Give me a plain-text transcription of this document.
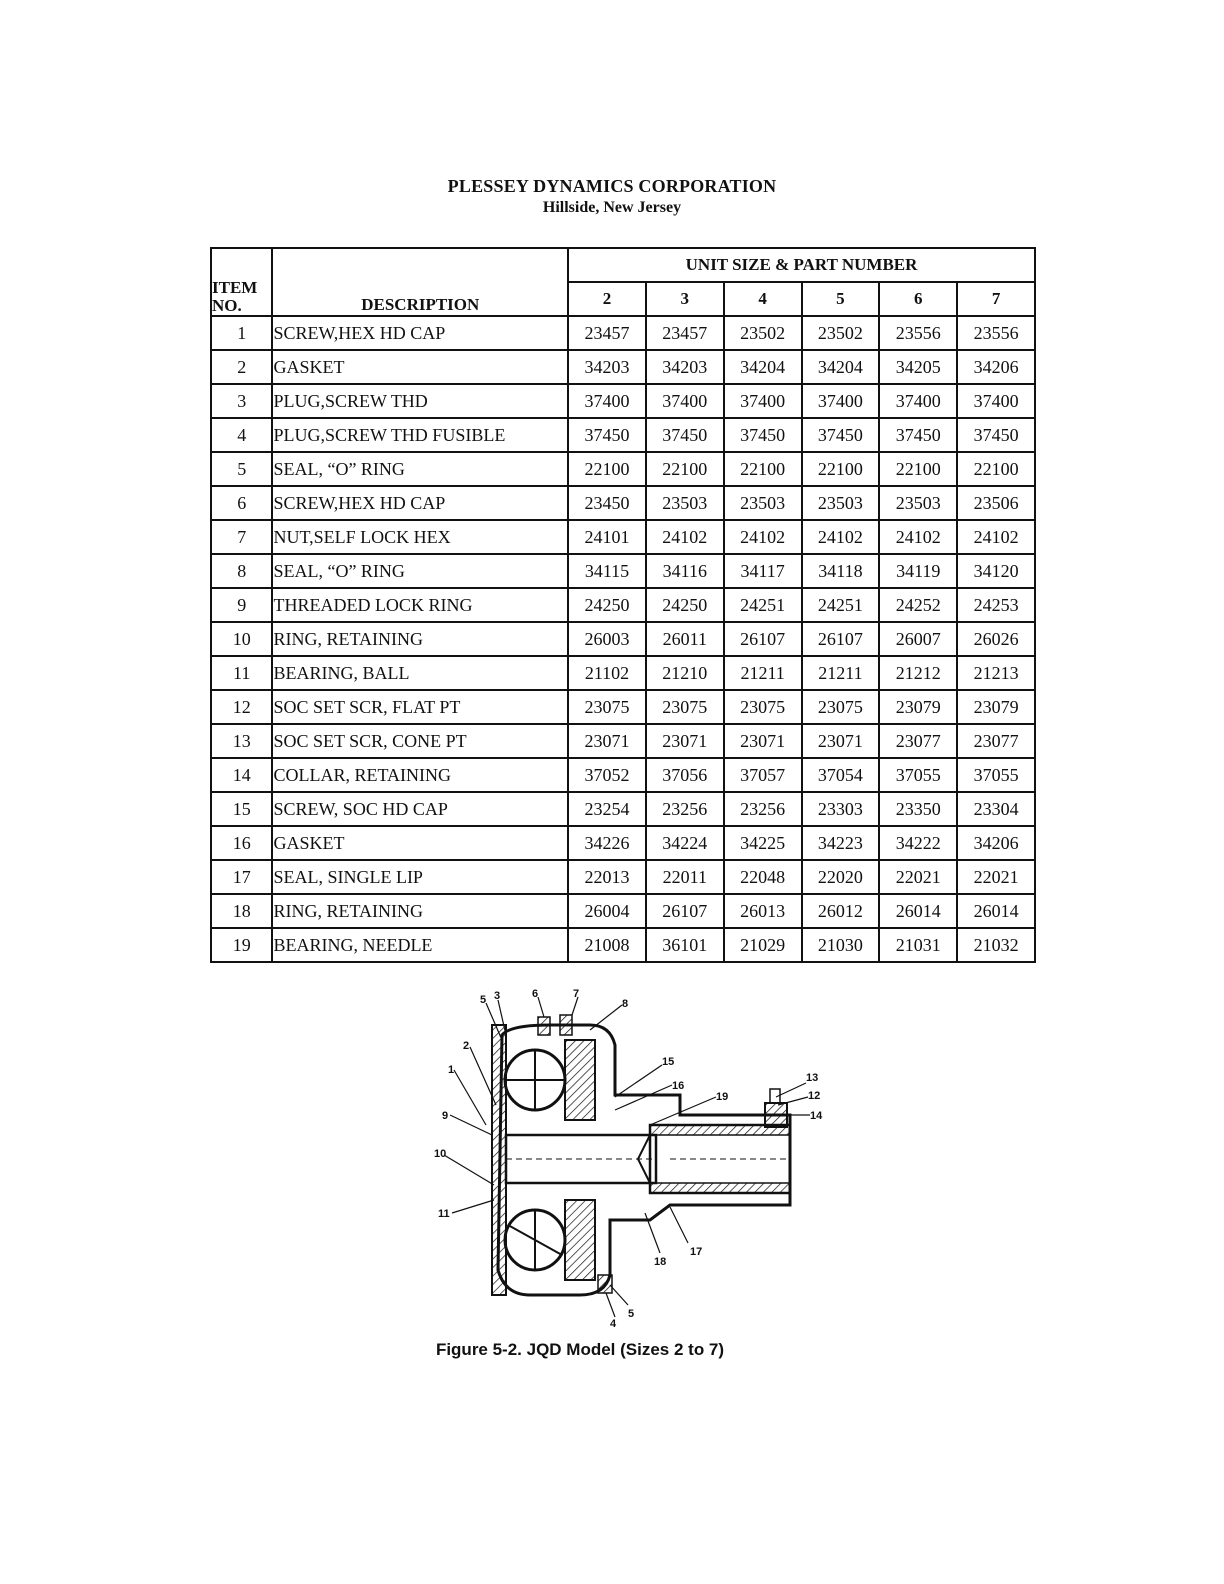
PLESSEY DYNAMICS CORPORATION
Hillside, New Jersey
ITEM NO.	DESCRIPTION	UNIT SIZE & PART NUMBER					
		2	3	4	5	6	7
1	SCREW,HEX HD CAP	23457	23457	23502	23502	23556	23556
2	GASKET	34203	34203	34204	34204	34205	34206
3	PLUG,SCREW THD	37400	37400	37400	37400	37400	37400
4	PLUG,SCREW THD FUSIBLE	37450	37450	37450	37450	37450	37450
5	SEAL, “O” RING	22100	22100	22100	22100	22100	22100
6	SCREW,HEX HD CAP	23450	23503	23503	23503	23503	23506
7	NUT,SELF LOCK HEX	24101	24102	24102	24102	24102	24102
8	SEAL, “O” RING	34115	34116	34117	34118	34119	34120
9	THREADED LOCK RING	24250	24250	24251	24251	24252	24253
10	RING, RETAINING	26003	26011	26107	26107	26007	26026
11	BEARING, BALL	21102	21210	21211	21211	21212	21213
12	SOC SET SCR, FLAT PT	23075	23075	23075	23075	23079	23079
13	SOC SET SCR, CONE PT	23071	23071	23071	23071	23077	23077
14	COLLAR, RETAINING	37052	37056	37057	37054	37055	37055
15	SCREW, SOC HD CAP	23254	23256	23256	23303	23350	23304
16	GASKET	34226	34224	34225	34223	34222	34206
17	SEAL, SINGLE LIP	22013	22011	22048	22020	22021	22021
18	RING, RETAINING	26004	26107	26013	26012	26014	26014
19	BEARING, NEEDLE	21008	36101	21029	21030	21031	21032
5 3	6	7
8
2
1
9
10
11
15
16
19
13
12
14
18
17
4
5
Figure 5-2. JQD Model (Sizes 2 to 7)
